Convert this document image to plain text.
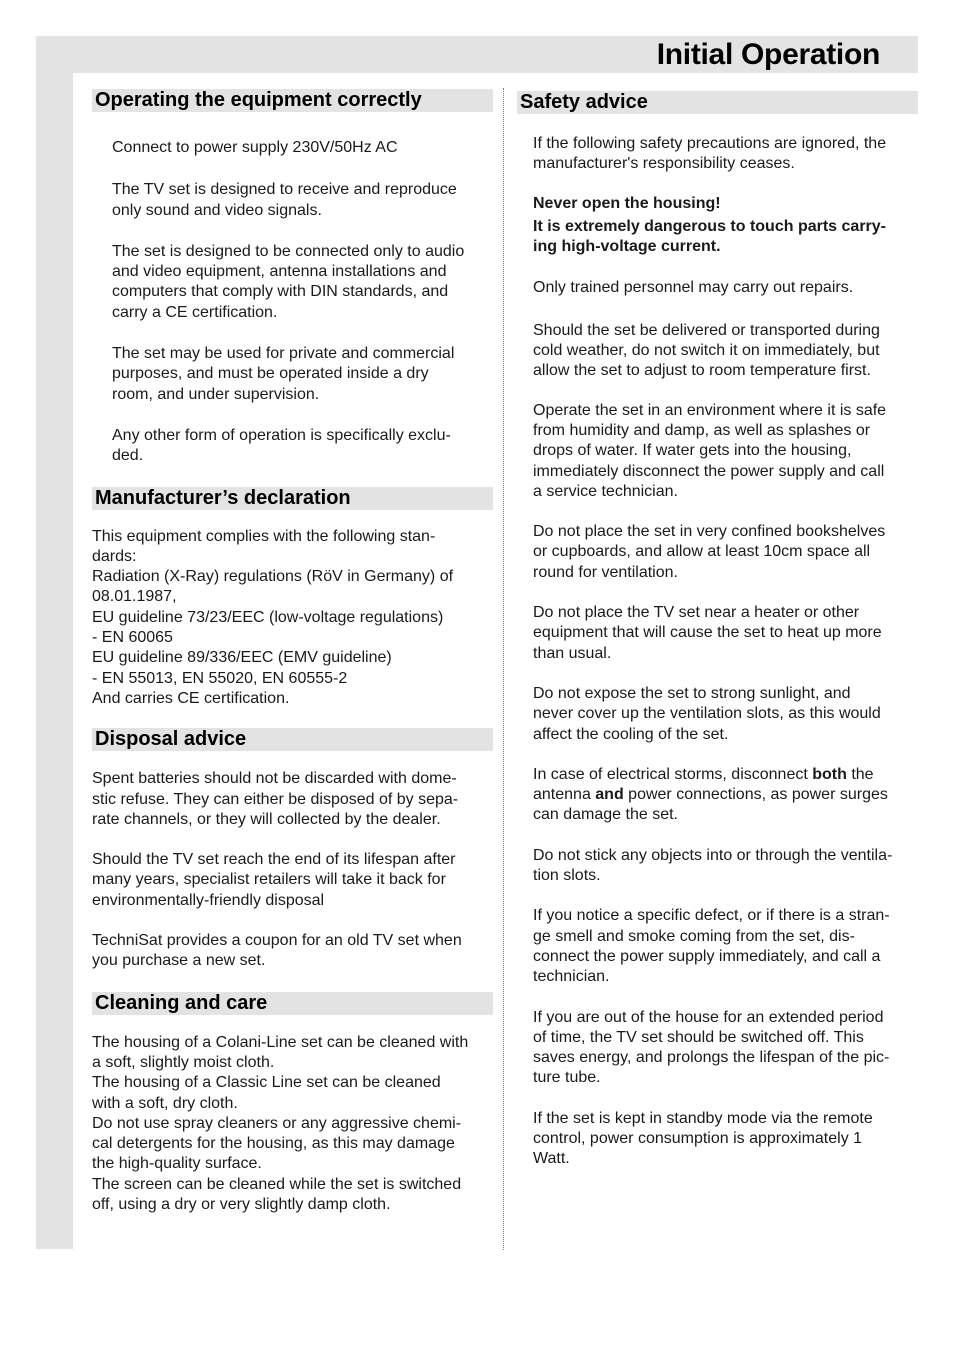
Initial Operation
Operating the equipment correctly

Connect to power supply 230V/50Hz AC

The TV set is designed to receive and reproduce
only sound and video signals.

The set is designed to be connected only to audio
and video equipment, antenna installations and
computers that comply with DIN standards, and
carry a CE certification.

The set may be used for private and commercial
purposes, and must be operated inside a dry
room, and under supervision.

Any other form of operation is specifically exclu-
ded.

Manufacturer’s declaration

This equipment complies with the following stan-
dards:
Radiation (X-Ray) regulations (RöV in Germany) of
08.01.1987,
EU guideline 73/23/EEC (low-voltage regulations)
- EN 60065
EU guideline 89/336/EEC (EMV guideline)
- EN 55013, EN 55020, EN 60555-2
And carries CE certification.

Disposal advice

Spent batteries should not be discarded with dome-
stic refuse. They can either be disposed of by sepa-
rate channels, or they will collected by the dealer.

Should the TV set reach the end of its lifespan after
many years, specialist retailers will take it back for
environmentally-friendly disposal

TechniSat provides a coupon for an old TV set when
you purchase a new set.

Cleaning and care

The housing of a Colani-Line set can be cleaned with
a soft, slightly moist cloth.
The housing of a Classic Line set can be cleaned
with a soft, dry cloth.
Do not use spray cleaners or any aggressive chemi-
cal detergents for the housing, as this may damage
the high-quality surface.
The screen can be cleaned while the set is switched
off, using a dry or very slightly damp cloth.

Safety advice

If the following safety precautions are ignored, the
manufacturer's responsibility ceases.

Never open the housing!

It is extremely dangerous to touch parts carry-
ing high-voltage current.

Only trained personnel may carry out repairs.

Should the set be delivered or transported during
cold weather, do not switch it on immediately, but
allow the set to adjust to room temperature first.

Operate the set in an environment where it is safe
from humidity and damp, as well as splashes or
drops of water. If water gets into the housing,
immediately disconnect the power supply and call
a service technician.

Do not place the set in very confined bookshelves
or cupboards, and allow at least 10cm space all
round for ventilation.

Do not place the TV set near a heater or other
equipment that will cause the set to heat up more
than usual.

Do not expose the set to strong sunlight, and
never cover up the ventilation slots, as this would
affect the cooling of the set.

In case of electrical storms, disconnect both the
antenna and power connections, as power surges
can damage the set.

Do not stick any objects into or through the ventila-
tion slots.

If you notice a specific defect, or if there is a stran-
ge smell and smoke coming from the set, dis-
connect the power supply immediately, and call a
technician.

If you are out of the house for an extended period
of time, the TV set should be switched off. This
saves energy, and prolongs the lifespan of the pic-
ture tube.

If the set is kept in standby mode via the remote
control, power consumption is approximately 1
Watt.
